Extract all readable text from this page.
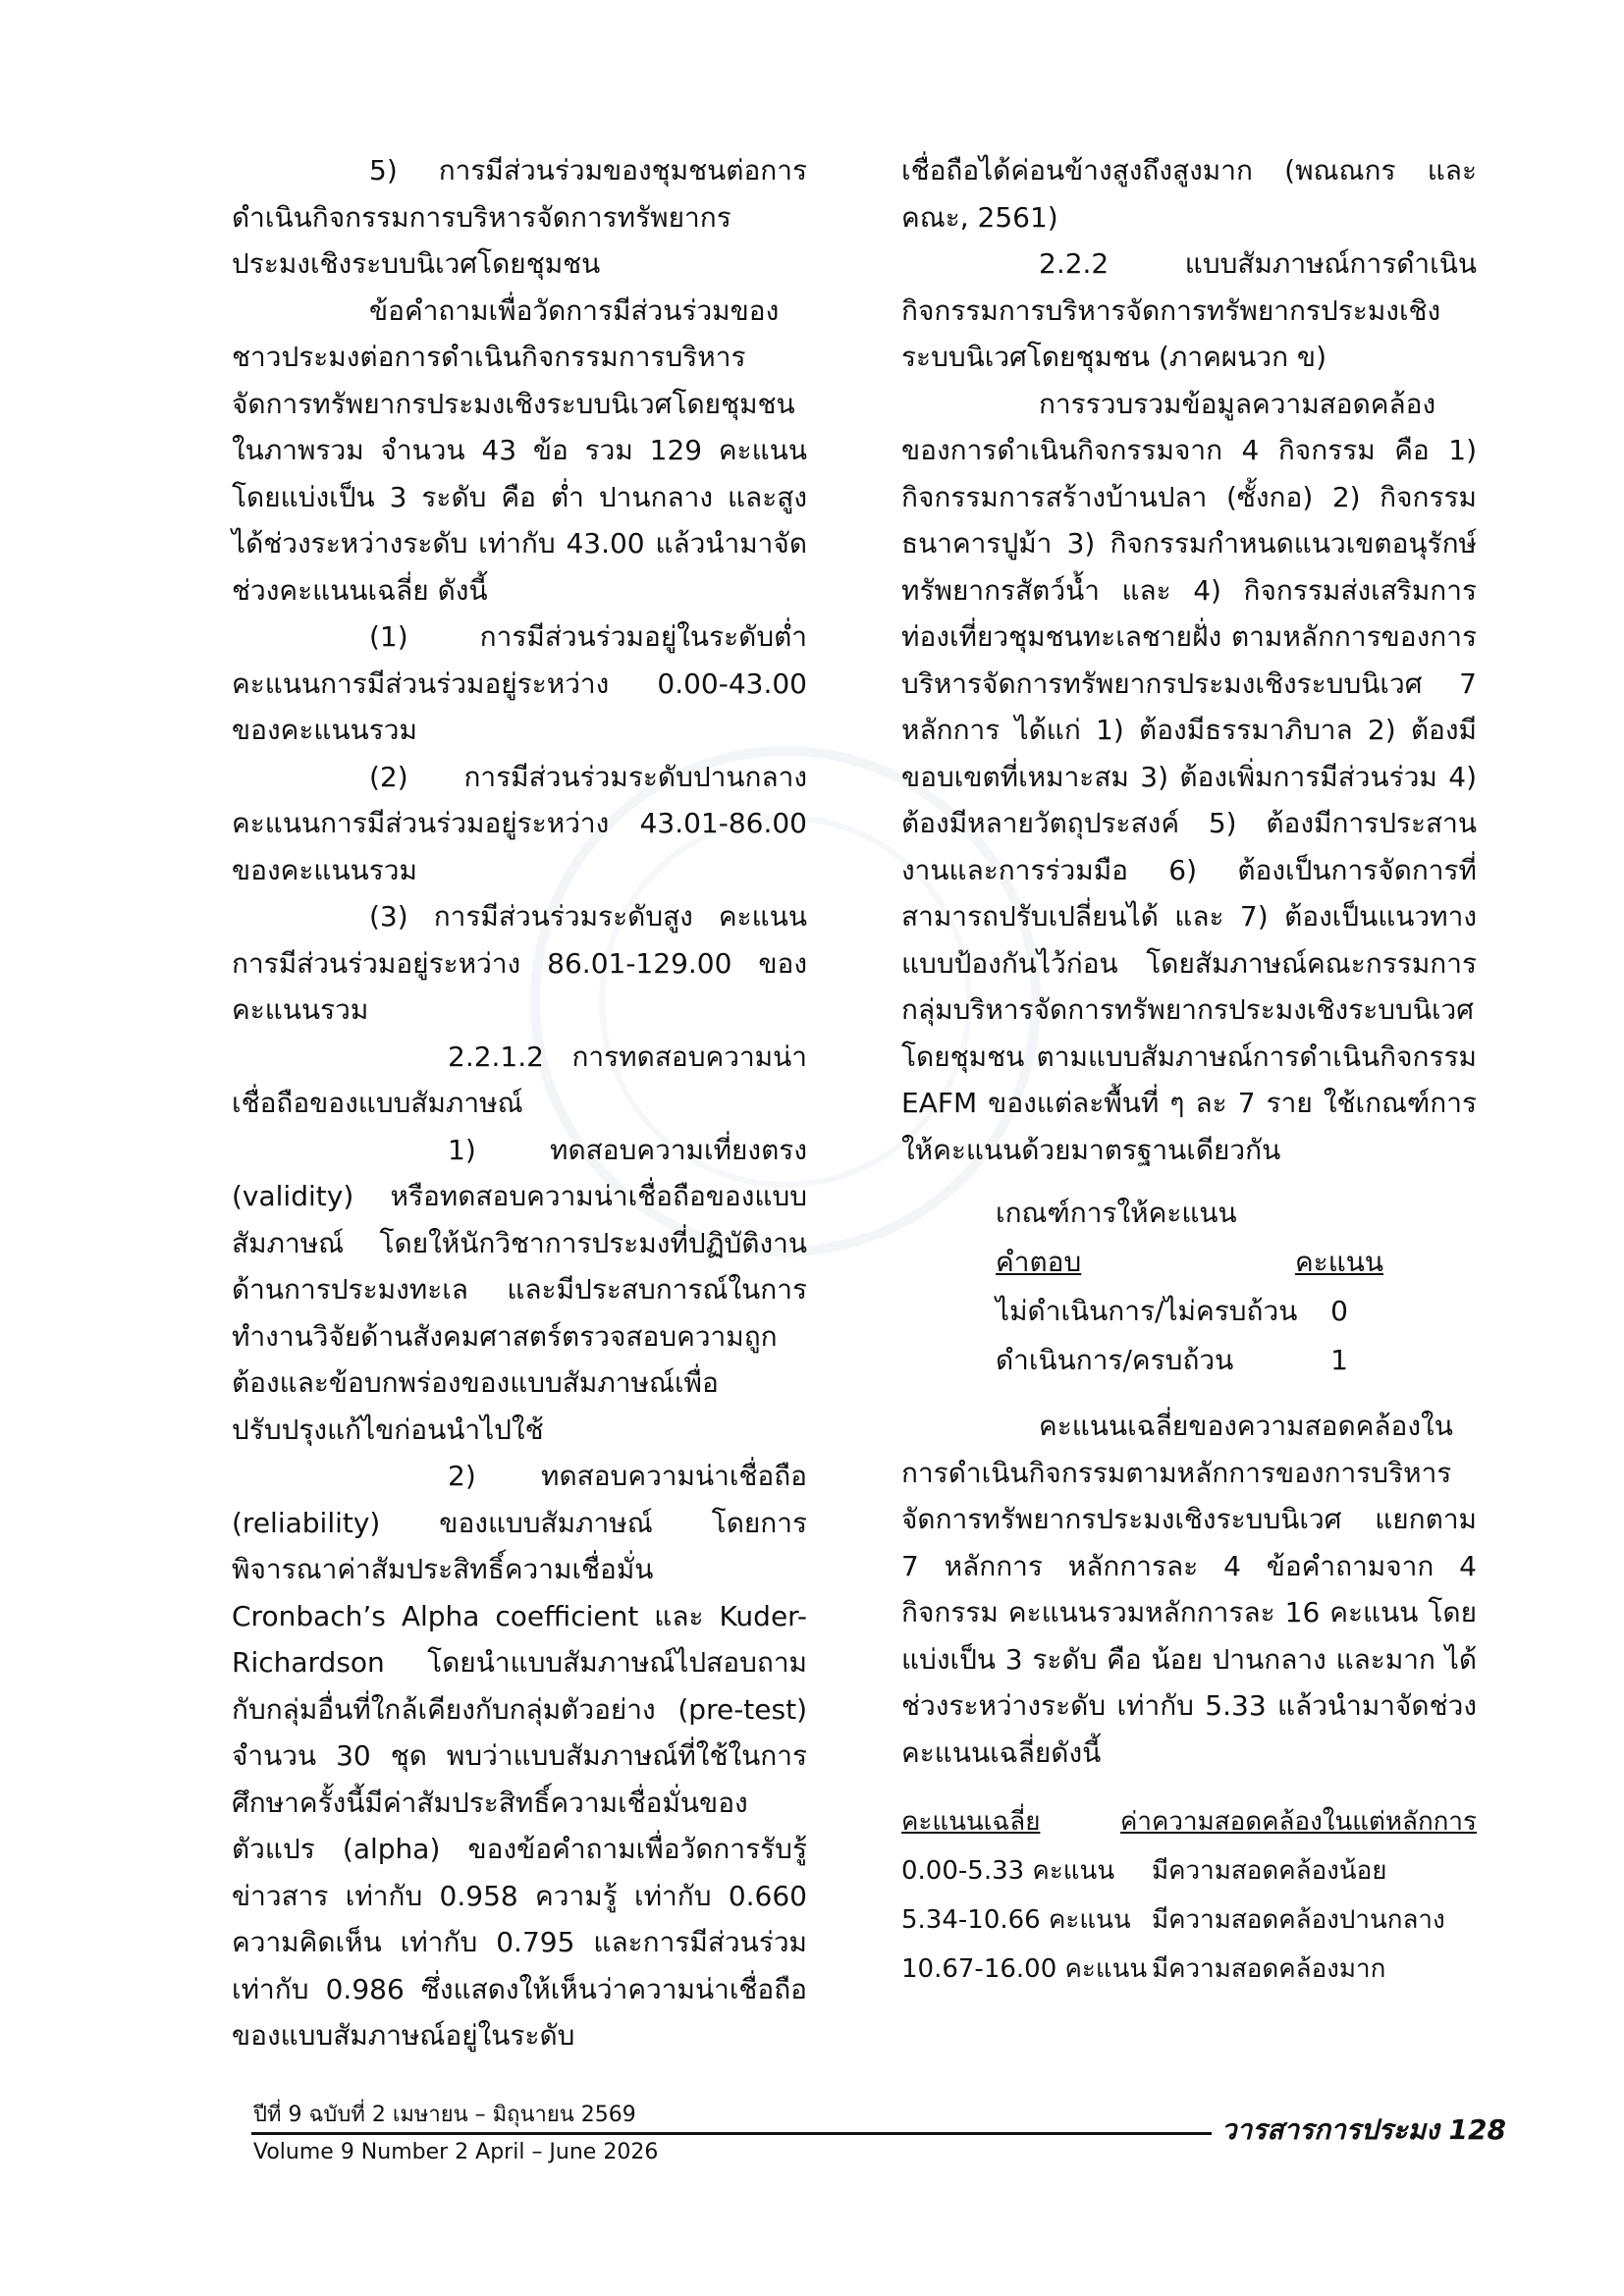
5) การมีส่วนร่วมของชุมชนต่อการดำเนินกิจกรรมการบริหารจัดการทรัพยากรประมงเชิงระบบนิเวศโดยชุมชน

ข้อคำถามเพื่อวัดการมีส่วนร่วมของชาวประมงต่อการดำเนินกิจกรรมการบริหารจัดการทรัพยากรประมงเชิงระบบนิเวศโดยชุมชนในภาพรวม จำนวน 43 ข้อ รวม 129 คะแนน โดยแบ่งเป็น 3 ระดับ คือ ต่ำ ปานกลาง และสูง ได้ช่วงระหว่างระดับ เท่ากับ 43.00 แล้วนำมาจัดช่วงคะแนนเฉลี่ย ดังนี้

(1) การมีส่วนร่วมอยู่ในระดับต่ำ คะแนนการมีส่วนร่วมอยู่ระหว่าง 0.00-43.00 ของคะแนนรวม

(2) การมีส่วนร่วมระดับปานกลาง คะแนนการมีส่วนร่วมอยู่ระหว่าง 43.01-86.00 ของคะแนนรวม

(3) การมีส่วนร่วมระดับสูง คะแนนการมีส่วนร่วมอยู่ระหว่าง 86.01-129.00 ของคะแนนรวม

2.2.1.2 การทดสอบความน่าเชื่อถือของแบบสัมภาษณ์

1) ทดสอบความเที่ยงตรง (validity) หรือทดสอบความน่าเชื่อถือของแบบสัมภาษณ์ โดยให้นักวิชาการประมงที่ปฏิบัติงานด้านการประมงทะเล และมีประสบการณ์ในการทำงานวิจัยด้านสังคมศาสตร์ตรวจสอบความถูกต้องและข้อบกพร่องของแบบสัมภาษณ์เพื่อปรับปรุงแก้ไขก่อนนำไปใช้

2) ทดสอบความน่าเชื่อถือ (reliability) ของแบบสัมภาษณ์ โดยการพิจารณาค่าสัมประสิทธิ์ความเชื่อมั่น Cronbach’s Alpha coefficient และ Kuder-Richardson โดยนำแบบสัมภาษณ์ไปสอบถามกับกลุ่มอื่นที่ใกล้เคียงกับกลุ่มตัวอย่าง (pre-test) จำนวน 30 ชุด พบว่าแบบสัมภาษณ์ที่ใช้ในการศึกษาครั้งนี้มีค่าสัมประสิทธิ์ความเชื่อมั่นของตัวแปร (alpha) ของข้อคำถามเพื่อวัดการรับรู้ข่าวสาร เท่ากับ 0.958 ความรู้ เท่ากับ 0.660 ความคิดเห็น เท่ากับ 0.795 และการมีส่วนร่วม เท่ากับ 0.986 ซึ่งแสดงให้เห็นว่าความน่าเชื่อถือของแบบสัมภาษณ์อยู่ในระดับ

เชื่อถือได้ค่อนข้างสูงถึงสูงมาก (พณณกร และคณะ, 2561)

2.2.2 แบบสัมภาษณ์การดำเนินกิจกรรมการบริหารจัดการทรัพยากรประมงเชิงระบบนิเวศโดยชุมชน (ภาคผนวก ข)

การรวบรวมข้อมูลความสอดคล้องของการดำเนินกิจกรรมจาก 4 กิจกรรม คือ 1) กิจกรรมการสร้างบ้านปลา (ซั้งกอ) 2) กิจกรรมธนาคารปูม้า 3) กิจกรรมกำหนดแนวเขตอนุรักษ์ทรัพยากรสัตว์น้ำ และ 4) กิจกรรมส่งเสริมการท่องเที่ยวชุมชนทะเลชายฝั่ง ตามหลักการของการบริหารจัดการทรัพยากรประมงเชิงระบบนิเวศ 7 หลักการ ได้แก่ 1) ต้องมีธรรมาภิบาล 2) ต้องมีขอบเขตที่เหมาะสม 3) ต้องเพิ่มการมีส่วนร่วม 4) ต้องมีหลายวัตถุประสงค์ 5) ต้องมีการประสานงานและการร่วมมือ 6) ต้องเป็นการจัดการที่สามารถปรับเปลี่ยนได้ และ 7) ต้องเป็นแนวทางแบบป้องกันไว้ก่อน โดยสัมภาษณ์คณะกรรมการกลุ่มบริหารจัดการทรัพยากรประมงเชิงระบบนิเวศโดยชุมชน ตามแบบสัมภาษณ์การดำเนินกิจกรรม EAFM ของแต่ละพื้นที่ ๆ ละ 7 ราย ใช้เกณฑ์การให้คะแนนด้วยมาตรฐานเดียวกัน

เกณฑ์การให้คะแนน
คำตอบ	คะแนน
ไม่ดำเนินการ/ไม่ครบถ้วน	0
ดำเนินการ/ครบถ้วน	1

คะแนนเฉลี่ยของความสอดคล้องในการดำเนินกิจกรรมตามหลักการของการบริหารจัดการทรัพยากรประมงเชิงระบบนิเวศ แยกตาม 7 หลักการ หลักการละ 4 ข้อคำถามจาก 4 กิจกรรม คะแนนรวมหลักการละ 16 คะแนน โดยแบ่งเป็น 3 ระดับ คือ น้อย ปานกลาง และมาก ได้ช่วงระหว่างระดับ เท่ากับ 5.33 แล้วนำมาจัดช่วงคะแนนเฉลี่ยดังนี้

คะแนนเฉลี่ย	ค่าความสอดคล้องในแต่หลักการ
0.00-5.33 คะแนน	มีความสอดคล้องน้อย
5.34-10.66 คะแนน มีความสอดคล้องปานกลาง
10.67-16.00 คะแนน มีความสอดคล้องมาก
ปีที่ 9 ฉบับที่ 2 เมษายน – มิถุนายน 2569
Volume 9 Number 2 April – June 2026
วารสารการประมง 128
